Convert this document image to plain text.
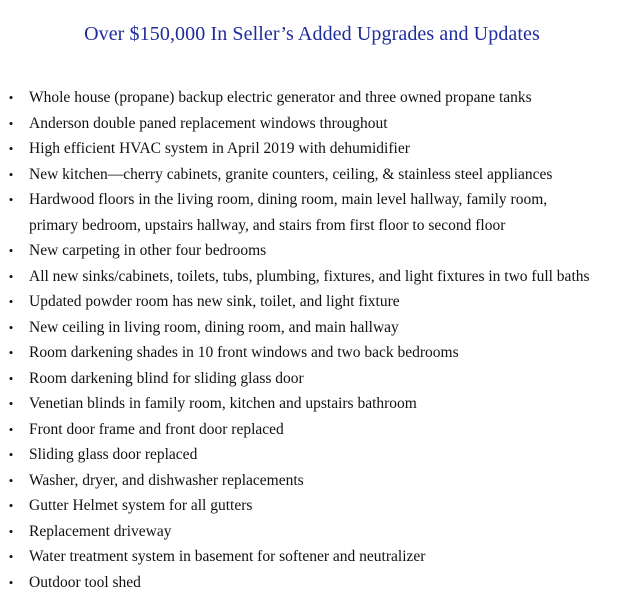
Over $150,000 In Seller’s Added Upgrades and Updates
•	Whole house (propane) backup electric generator and three owned propane tanks
•	Anderson double paned replacement windows throughout
•	High efficient HVAC system in April 2019 with dehumidifier
•	New kitchen—cherry cabinets, granite counters, ceiling, & stainless steel appliances
•	Hardwood floors in the living room, dining room, main level hallway, family room, primary bedroom, upstairs hallway, and stairs from first floor to second floor
•	New carpeting in other four bedrooms
•	All new sinks/cabinets, toilets, tubs, plumbing, fixtures, and light fixtures in two full baths
•	Updated powder room has new sink, toilet, and light fixture
•	New ceiling in living room, dining room, and main hallway
•	Room darkening shades in 10 front windows and two back bedrooms
•	Room darkening blind for sliding glass door
•	Venetian blinds in family room, kitchen and upstairs bathroom
•	Front door frame and front door replaced
•	Sliding glass door replaced
•	Washer, dryer, and dishwasher replacements
•	Gutter Helmet system for all gutters
•	Replacement driveway
•	Water treatment system in basement for softener and neutralizer
•	Outdoor tool shed
